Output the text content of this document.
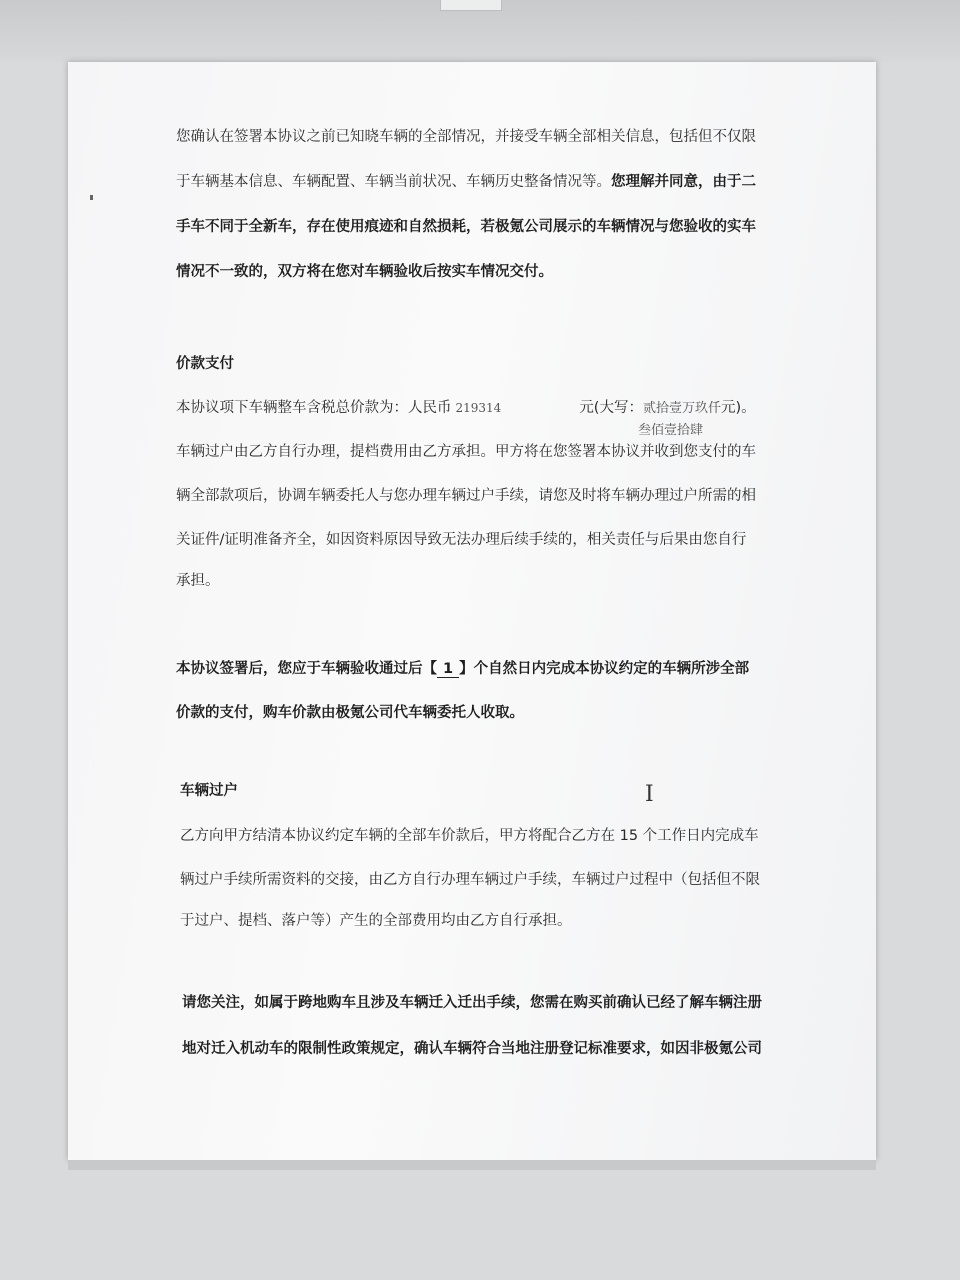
I

您确认在签署本协议之前已知晓车辆的全部情况，并接受车辆全部相关信息，包括但不仅限

于车辆基本信息、车辆配置、车辆当前状况、车辆历史整备情况等。您理解并同意，由于二

手车不同于全新车，存在使用痕迹和自然损耗，若极氪公司展示的车辆情况与您验收的实车

情况不一致的，双方将在您对车辆验收后按实车情况交付。

价款支付

本协议项下车辆整车含税总价款为：人民币 219314	元(大写：贰拾壹万玖仟元)。

叁佰壹拾肆

车辆过户由乙方自行办理，提档费用由乙方承担。甲方将在您签署本协议并收到您支付的车

辆全部款项后，协调车辆委托人与您办理车辆过户手续，请您及时将车辆办理过户所需的相

关证件/证明准备齐全，如因资料原因导致无法办理后续手续的，相关责任与后果由您自行

承担。

本协议签署后，您应于车辆验收通过后【 1 】个自然日内完成本协议约定的车辆所涉全部

价款的支付，购车价款由极氪公司代车辆委托人收取。

车辆过户

乙方向甲方结清本协议约定车辆的全部车价款后，甲方将配合乙方在 15 个工作日内完成车

辆过户手续所需资料的交接，由乙方自行办理车辆过户手续，车辆过户过程中（包括但不限

于过户、提档、落户等）产生的全部费用均由乙方自行承担。

请您关注，如属于跨地购车且涉及车辆迁入迁出手续，您需在购买前确认已经了解车辆注册

地对迁入机动车的限制性政策规定，确认车辆符合当地注册登记标准要求，如因非极氪公司
